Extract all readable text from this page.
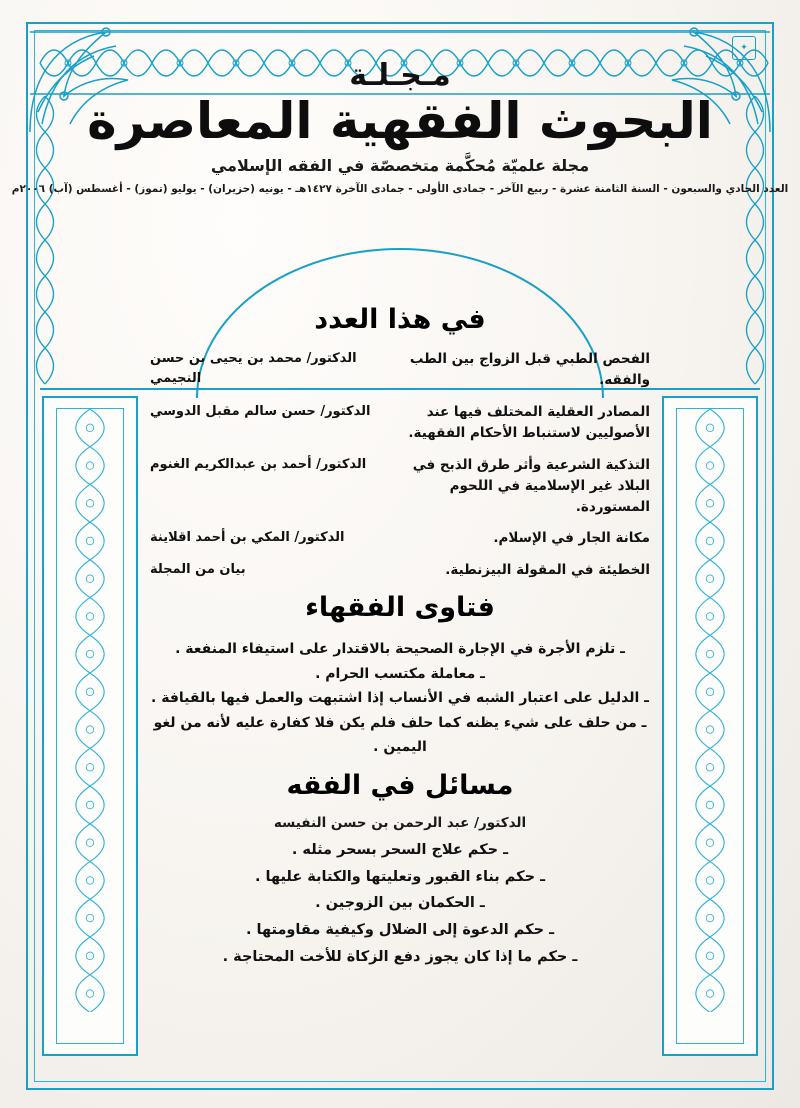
مـجـلـة
البحوث الفقهية المعاصرة
مجلة علميّة مُحكَّمة متخصصّة في الفقه الإسلامي
العدد الحادي والسبعون - السنة الثامنة عشرة - ربيع الآخر - جمادى الأولى - جمادى الآخرة ١٤٢٧هـ - يونيه (حزيران) - يوليو (تموز) - أغسطس (آب) ٢٠٠٦م
✦
في هذا العدد
الفحص الطبي قبل الزواج بين الطب والفقه.
الدكتور/ محمد بن يحيى بن حسن النجيمي
المصادر العقلية المختلف فيها عند الأصوليين لاستنباط الأحكام الفقهية.
الدكتور/ حسن سالم مقبل الدوسي
التذكية الشرعية وأثر طرق الذبح في البلاد غير الإسلامية في اللحوم المستوردة.
الدكتور/ أحمد بن عبدالكريم الغنوم
مكانة الجار في الإسلام.
الدكتور/ المكي بن أحمد اقلاينة
الخطيئة في المقولة البيزنطية.
بيان من المجلة
فتاوى الفقهاء
ـ تلزم الأجرة في الإجارة الصحيحة بالاقتدار على استيفاء المنفعة .
ـ معاملة مكتسب الحرام .
ـ الدليل على اعتبار الشبه في الأنساب إذا اشتبهت والعمل فيها بالقيافة .
ـ من حلف على شيء يظنه كما حلف فلم يكن فلا كفارة عليه لأنه من لغو اليمين .
مسائل في الفقه
الدكتور/ عبد الرحمن بن حسن النفيسه
ـ حكم علاج السحر بسحر مثله .
ـ حكم بناء القبور وتعليتها والكتابة عليها .
ـ الحكمان بين الزوجين .
ـ حكم الدعوة إلى الضلال وكيفية مقاومتها .
ـ حكم ما إذا كان يجوز دفع الزكاة للأخت المحتاجة .
